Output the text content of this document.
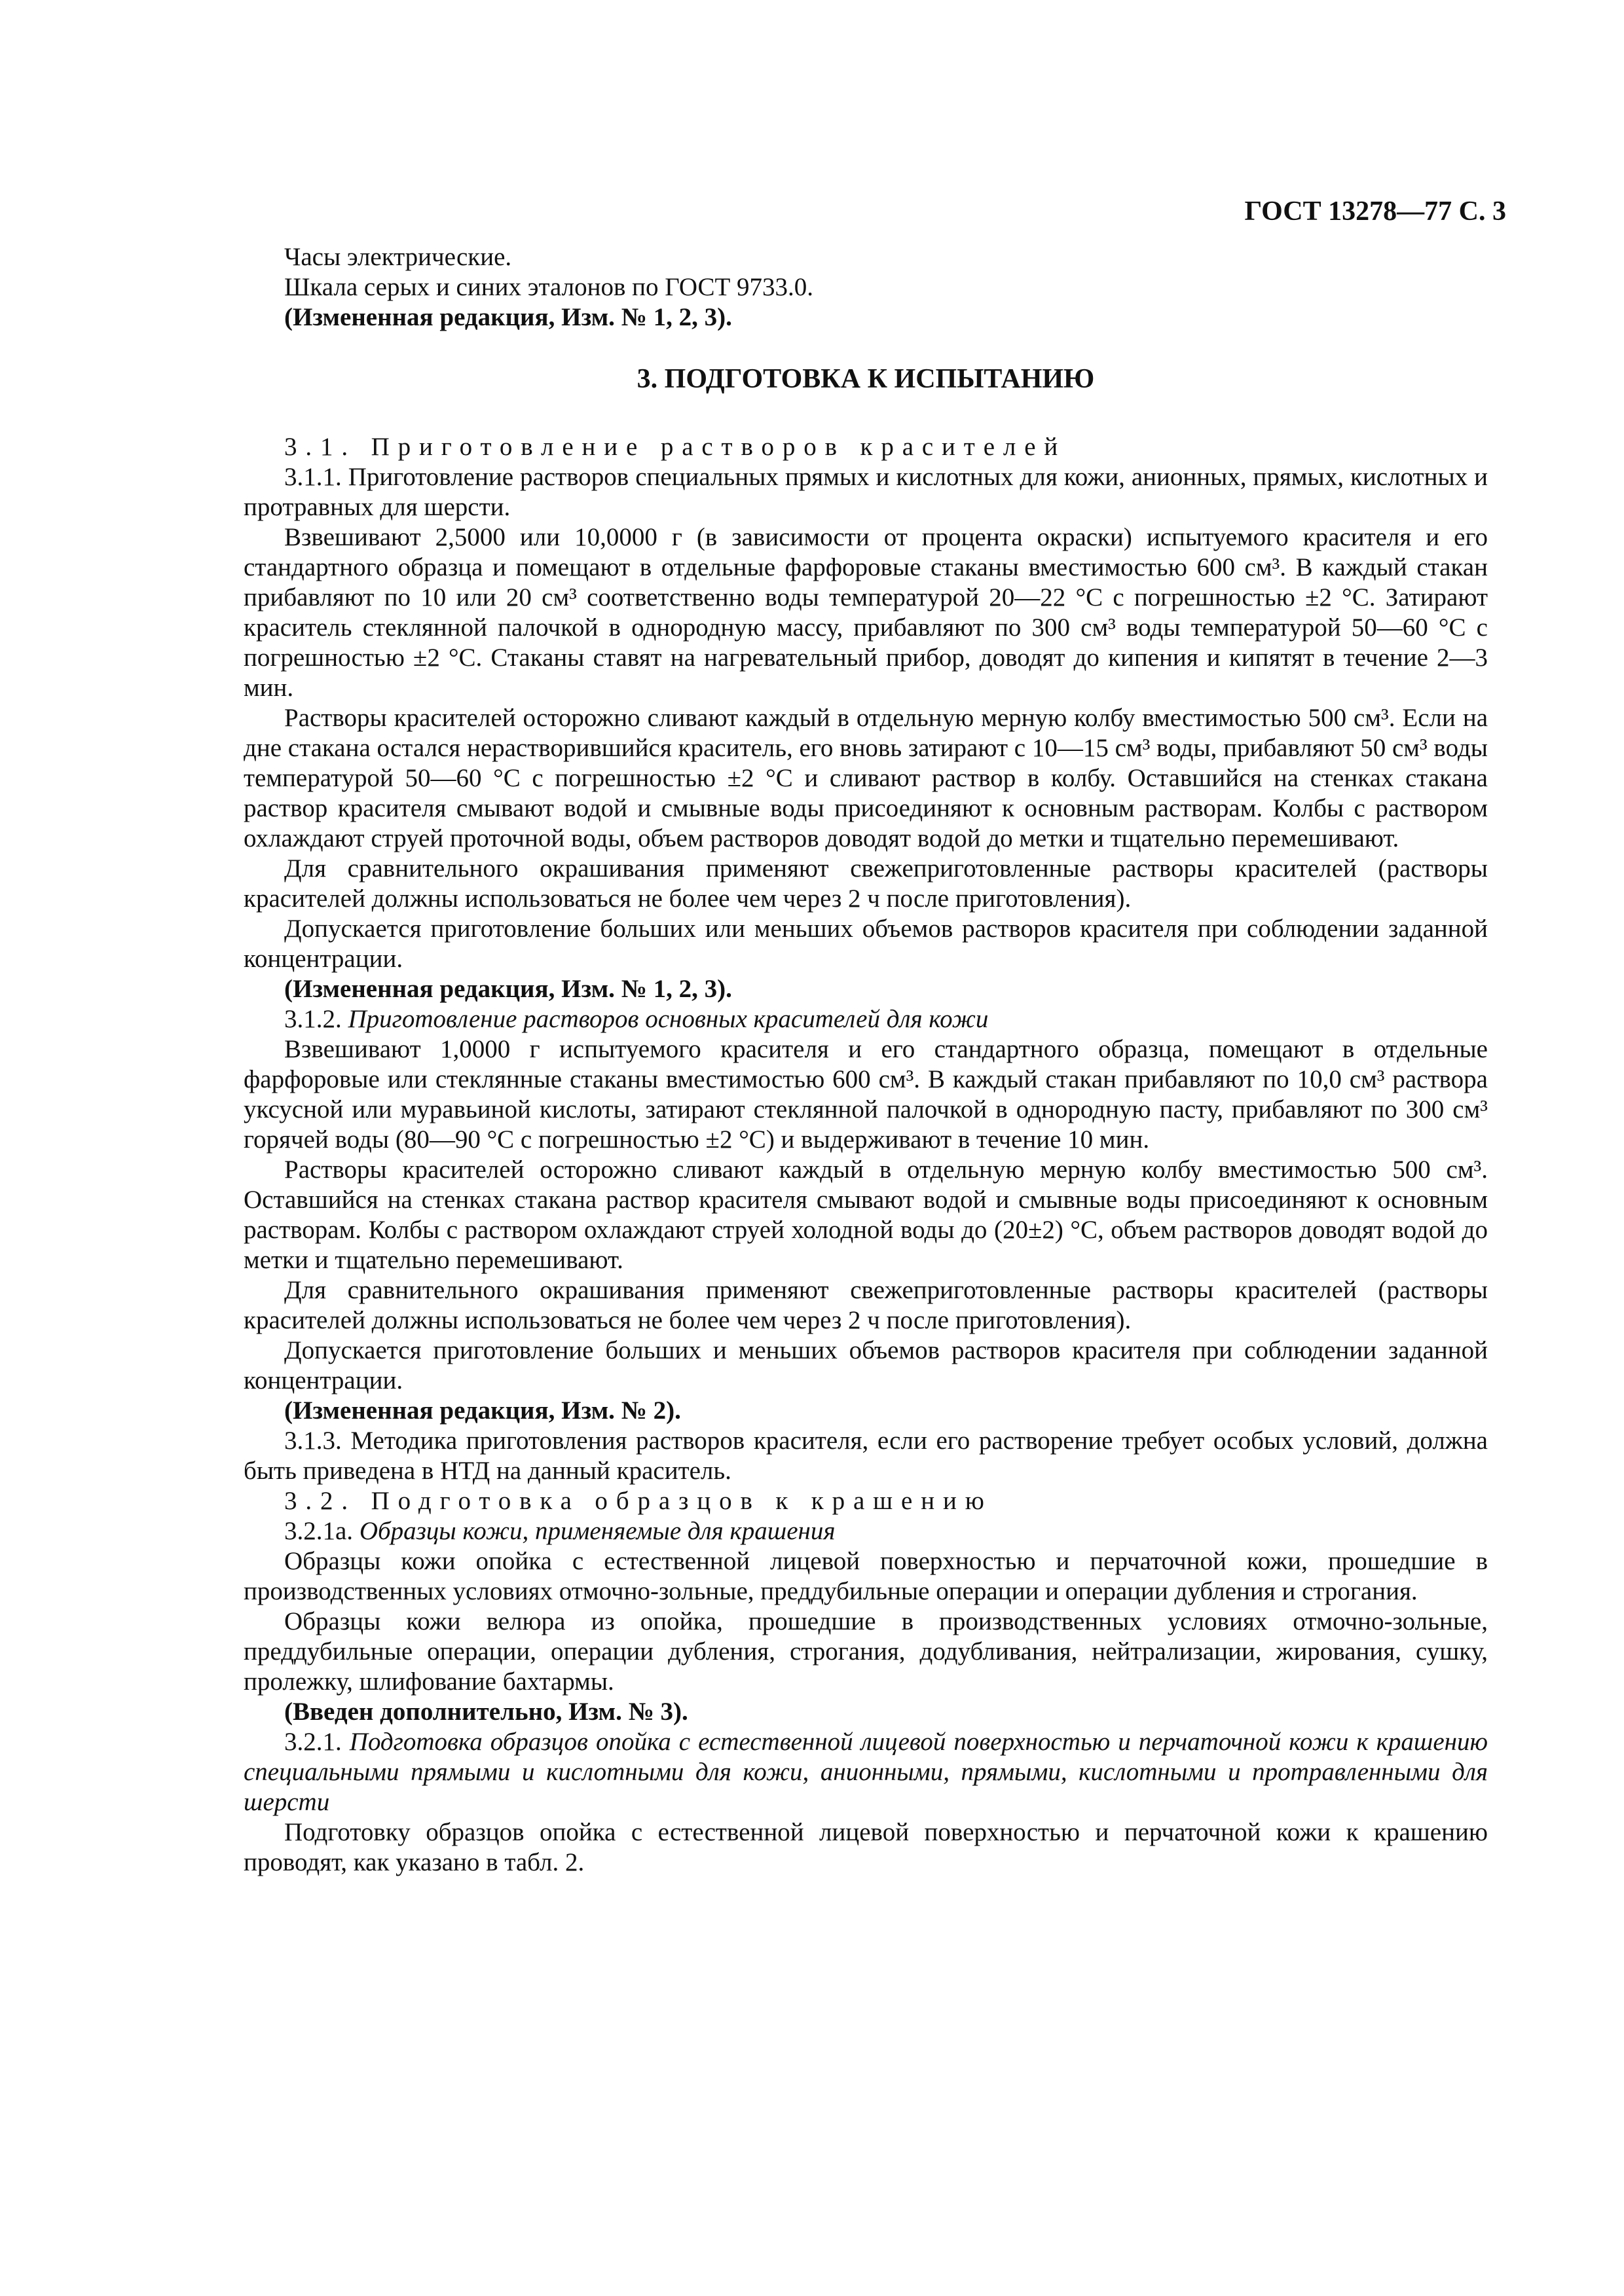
ГОСТ 13278—77 С. 3

Часы электрические.

Шкала серых и синих эталонов по ГОСТ 9733.0.

(Измененная редакция, Изм. № 1, 2, 3).

3. ПОДГОТОВКА К ИСПЫТАНИЮ

3.1. Приготовление растворов красителей

3.1.1. Приготовление растворов специальных прямых и кислотных для кожи, анионных, прямых, кислотных и протравных для шерсти.

Взвешивают 2,5000 или 10,0000 г (в зависимости от процента окраски) испытуемого красителя и его стандартного образца и помещают в отдельные фарфоровые стаканы вместимостью 600 см³. В каждый стакан прибавляют по 10 или 20 см³ соответственно воды температурой 20—22 °С с погрешностью ±2 °С. Затирают краситель стеклянной палочкой в однородную массу, прибавляют по 300 см³ воды температурой 50—60 °С с погрешностью ±2 °С. Стаканы ставят на нагревательный прибор, доводят до кипения и кипятят в течение 2—3 мин.

Растворы красителей осторожно сливают каждый в отдельную мерную колбу вместимостью 500 см³. Если на дне стакана остался нерастворившийся краситель, его вновь затирают с 10—15 см³ воды, прибавляют 50 см³ воды температурой 50—60 °С с погрешностью ±2 °С и сливают раствор в колбу. Оставшийся на стенках стакана раствор красителя смывают водой и смывные воды присоединяют к основным растворам. Колбы с раствором охлаждают струей проточной воды, объем растворов доводят водой до метки и тщательно перемешивают.

Для сравнительного окрашивания применяют свежеприготовленные растворы красителей (растворы красителей должны использоваться не более чем через 2 ч после приготовления).

Допускается приготовление больших или меньших объемов растворов красителя при соблюдении заданной концентрации.

(Измененная редакция, Изм. № 1, 2, 3).

3.1.2. Приготовление растворов основных красителей для кожи

Взвешивают 1,0000 г испытуемого красителя и его стандартного образца, помещают в отдельные фарфоровые или стеклянные стаканы вместимостью 600 см³. В каждый стакан прибавляют по 10,0 см³ раствора уксусной или муравьиной кислоты, затирают стеклянной палочкой в однородную пасту, прибавляют по 300 см³ горячей воды (80—90 °С с погрешностью ±2 °С) и выдерживают в течение 10 мин.

Растворы красителей осторожно сливают каждый в отдельную мерную колбу вместимостью 500 см³. Оставшийся на стенках стакана раствор красителя смывают водой и смывные воды присоединяют к основным растворам. Колбы с раствором охлаждают струей холодной воды до (20±2) °С, объем растворов доводят водой до метки и тщательно перемешивают.

Для сравнительного окрашивания применяют свежеприготовленные растворы красителей (растворы красителей должны использоваться не более чем через 2 ч после приготовления).

Допускается приготовление больших и меньших объемов растворов красителя при соблюдении заданной концентрации.

(Измененная редакция, Изм. № 2).

3.1.3. Методика приготовления растворов красителя, если его растворение требует особых условий, должна быть приведена в НТД на данный краситель.

3.2. Подготовка образцов к крашению

3.2.1а. Образцы кожи, применяемые для крашения

Образцы кожи опойка с естественной лицевой поверхностью и перчаточной кожи, прошедшие в производственных условиях отмочно-зольные, преддубильные операции и операции дубления и строгания.

Образцы кожи велюра из опойка, прошедшие в производственных условиях отмочно-зольные, преддубильные операции, операции дубления, строгания, додубливания, нейтрализации, жирования, сушку, пролежку, шлифование бахтармы.

(Введен дополнительно, Изм. № 3).

3.2.1. Подготовка образцов опойка с естественной лицевой поверхностью и перчаточной кожи к крашению специальными прямыми и кислотными для кожи, анионными, прямыми, кислотными и протравленными для шерсти

Подготовку образцов опойка с естественной лицевой поверхностью и перчаточной кожи к крашению проводят, как указано в табл. 2.
